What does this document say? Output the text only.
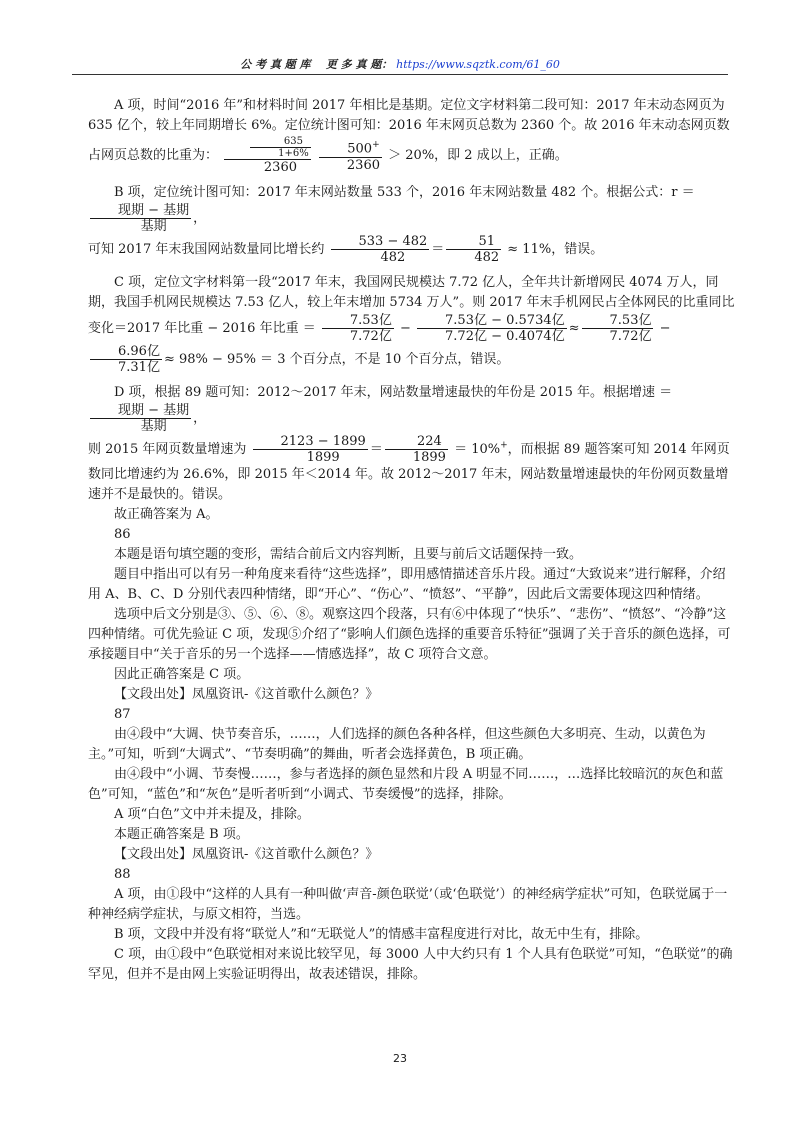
公 考 真 题 库 更 多 真 题： https://www.sqztk.com/61_60

A 项，时间“2016 年”和材料时间 2017 年相比是基期。定位文字材料第二段可知：2017 年末动态网页为 635 亿个，较上年同期增长 6%。定位统计图可知：2016 年末网页总数为 2360 个。故 2016 年末动态网页数占网页总数的比重为： $\frac{\frac{635}{1+6\%}}{2360}$
$\frac{500^+}{2360} > 20\%$，即 2 成以上，正确。

B 项，定位统计图可知：2017 年末网站数量 533 个，2016 年末网站数量 482 个。根据公式：r ＝
$\frac{\text{现期 − 基期}}{\text{基期}}$ ，
可知 2017 年末我国网站数量同比增长约 $\frac{533 - 482}{482} = \frac{51}{482} \approx 11\%$，错误。

C 项，定位文字材料第一段“2017 年末，我国网民规模达 7.72 亿人，全年共计新增网民 4074 万人，同期，我国手机网民规模达 7.53 亿人，较上年末增加 5734 万人”。则 2017 年末手机网民占全体网民的比重同比变化＝2017 年比重 − 2016 年比重 ＝ $\frac{\text{7.53亿}}{\text{7.72亿}} - \frac{\text{7.53亿 − 0.5734亿}}{\text{7.72亿 − 0.4074亿}} \approx \frac{\text{7.53亿}}{\text{7.72亿}}$ −
$\frac{\text{6.96亿}}{\text{7.31亿}} \approx 98\% - 95\% = 3$ 个百分点，不是 10 个百分点，错误。

D 项，根据 89 题可知：2012～2017 年末，网站数量增速最快的年份是 2015 年。根据增速 ＝
$\frac{\text{现期 − 基期}}{\text{基期}}$ ，
则 2015 年网页数量增速为 $\frac{2123 - 1899}{1899} = \frac{224}{1899} = 10\%^+$，而根据 89 题答案可知 2014 年网页数同比增速约为 26.6%，即 2015 年＜2014 年。故 2012～2017 年末，网站数量增速最快的年份网页数量增速并不是最快的。错误。

故正确答案为 A。

86

本题是语句填空题的变形，需结合前后文内容判断，且要与前后文话题保持一致。

题目中指出可以有另一种角度来看待“这些选择”，即用感情描述音乐片段。通过“大致说来”进行解释，介绍用 A、B、C、D 分别代表四种情绪，即“开心”、“伤心”、“愤怒”、“平静”，因此后文需要体现这四种情绪。

选项中后文分别是③、⑤、⑥、⑧。观察这四个段落，只有⑥中体现了“快乐”、“悲伤”、“愤怒”、“冷静”这四种情绪。可优先验证 C 项，发现⑤介绍了“影响人们颜色选择的重要音乐特征”强调了关于音乐的颜色选择，可承接题目中“关于音乐的另一个选择——情感选择”，故 C 项符合文意。

因此正确答案是 C 项。

【文段出处】凤凰资讯-《这首歌什么颜色？》

87

由④段中“大调、快节奏音乐，……，人们选择的颜色各种各样，但这些颜色大多明亮、生动，以黄色为主。”可知，听到“大调式”、“节奏明确”的舞曲，听者会选择黄色，B 项正确。

由④段中“小调、节奏慢……，参与者选择的颜色显然和片段 A 明显不同……，…选择比较暗沉的灰色和蓝色”可知，“蓝色”和“灰色”是听者听到“小调式、节奏缓慢”的选择，排除。

A 项“白色”文中并未提及，排除。

本题正确答案是 B 项。

【文段出处】凤凰资讯-《这首歌什么颜色？》

88

A 项，由①段中“这样的人具有一种叫做‘声音-颜色联觉’（或‘色联觉’）的神经病学症状”可知，色联觉属于一种神经病学症状，与原文相符，当选。

B 项，文段中并没有将“联觉人”和“无联觉人”的情感丰富程度进行对比，故无中生有，排除。

C 项，由①段中“色联觉相对来说比较罕见，每 3000 人中大约只有 1 个人具有色联觉”可知，“色联觉”的确罕见，但并不是由网上实验证明得出，故表述错误，排除。

23
